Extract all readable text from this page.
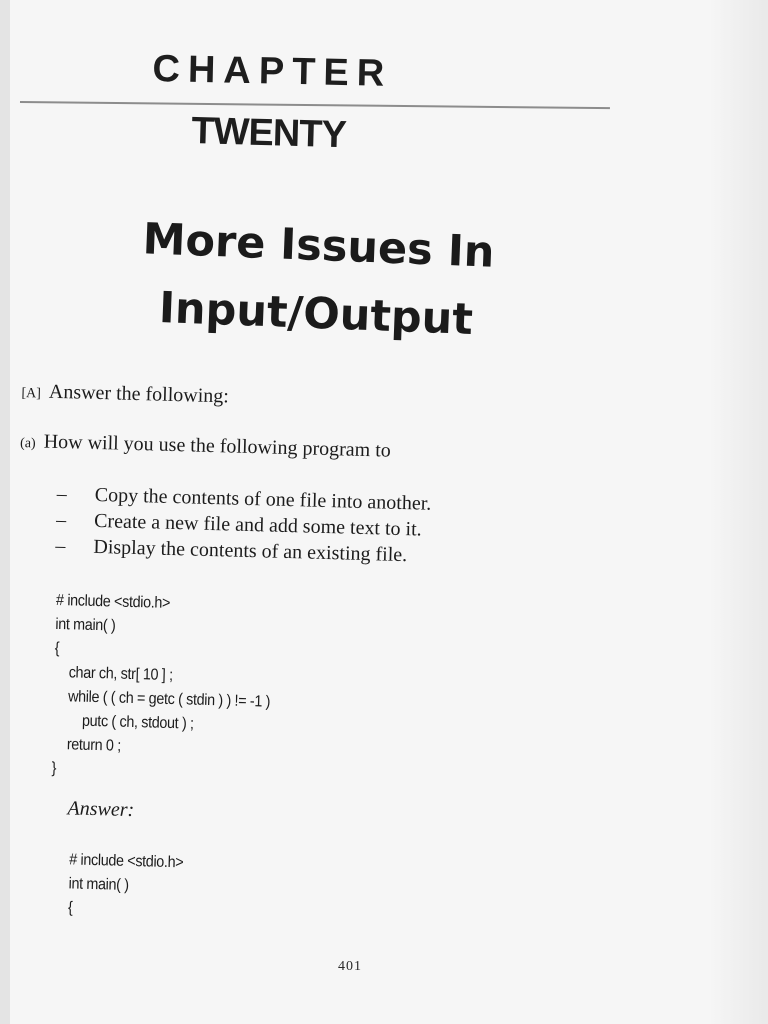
CHAPTER
TWENTY
More Issues In
Input/Output
[A] Answer the following:
(a) How will you use the following program to
– Copy the contents of one file into another.
– Create a new file and add some text to it.
– Display the contents of an existing file.
# include <stdio.h>
int main( )
{
char ch, str[ 10 ] ;
while ( ( ch = getc ( stdin ) ) != -1 )
putc ( ch, stdout ) ;
return 0 ;
}
Answer:
# include <stdio.h>
int main( )
{
401
